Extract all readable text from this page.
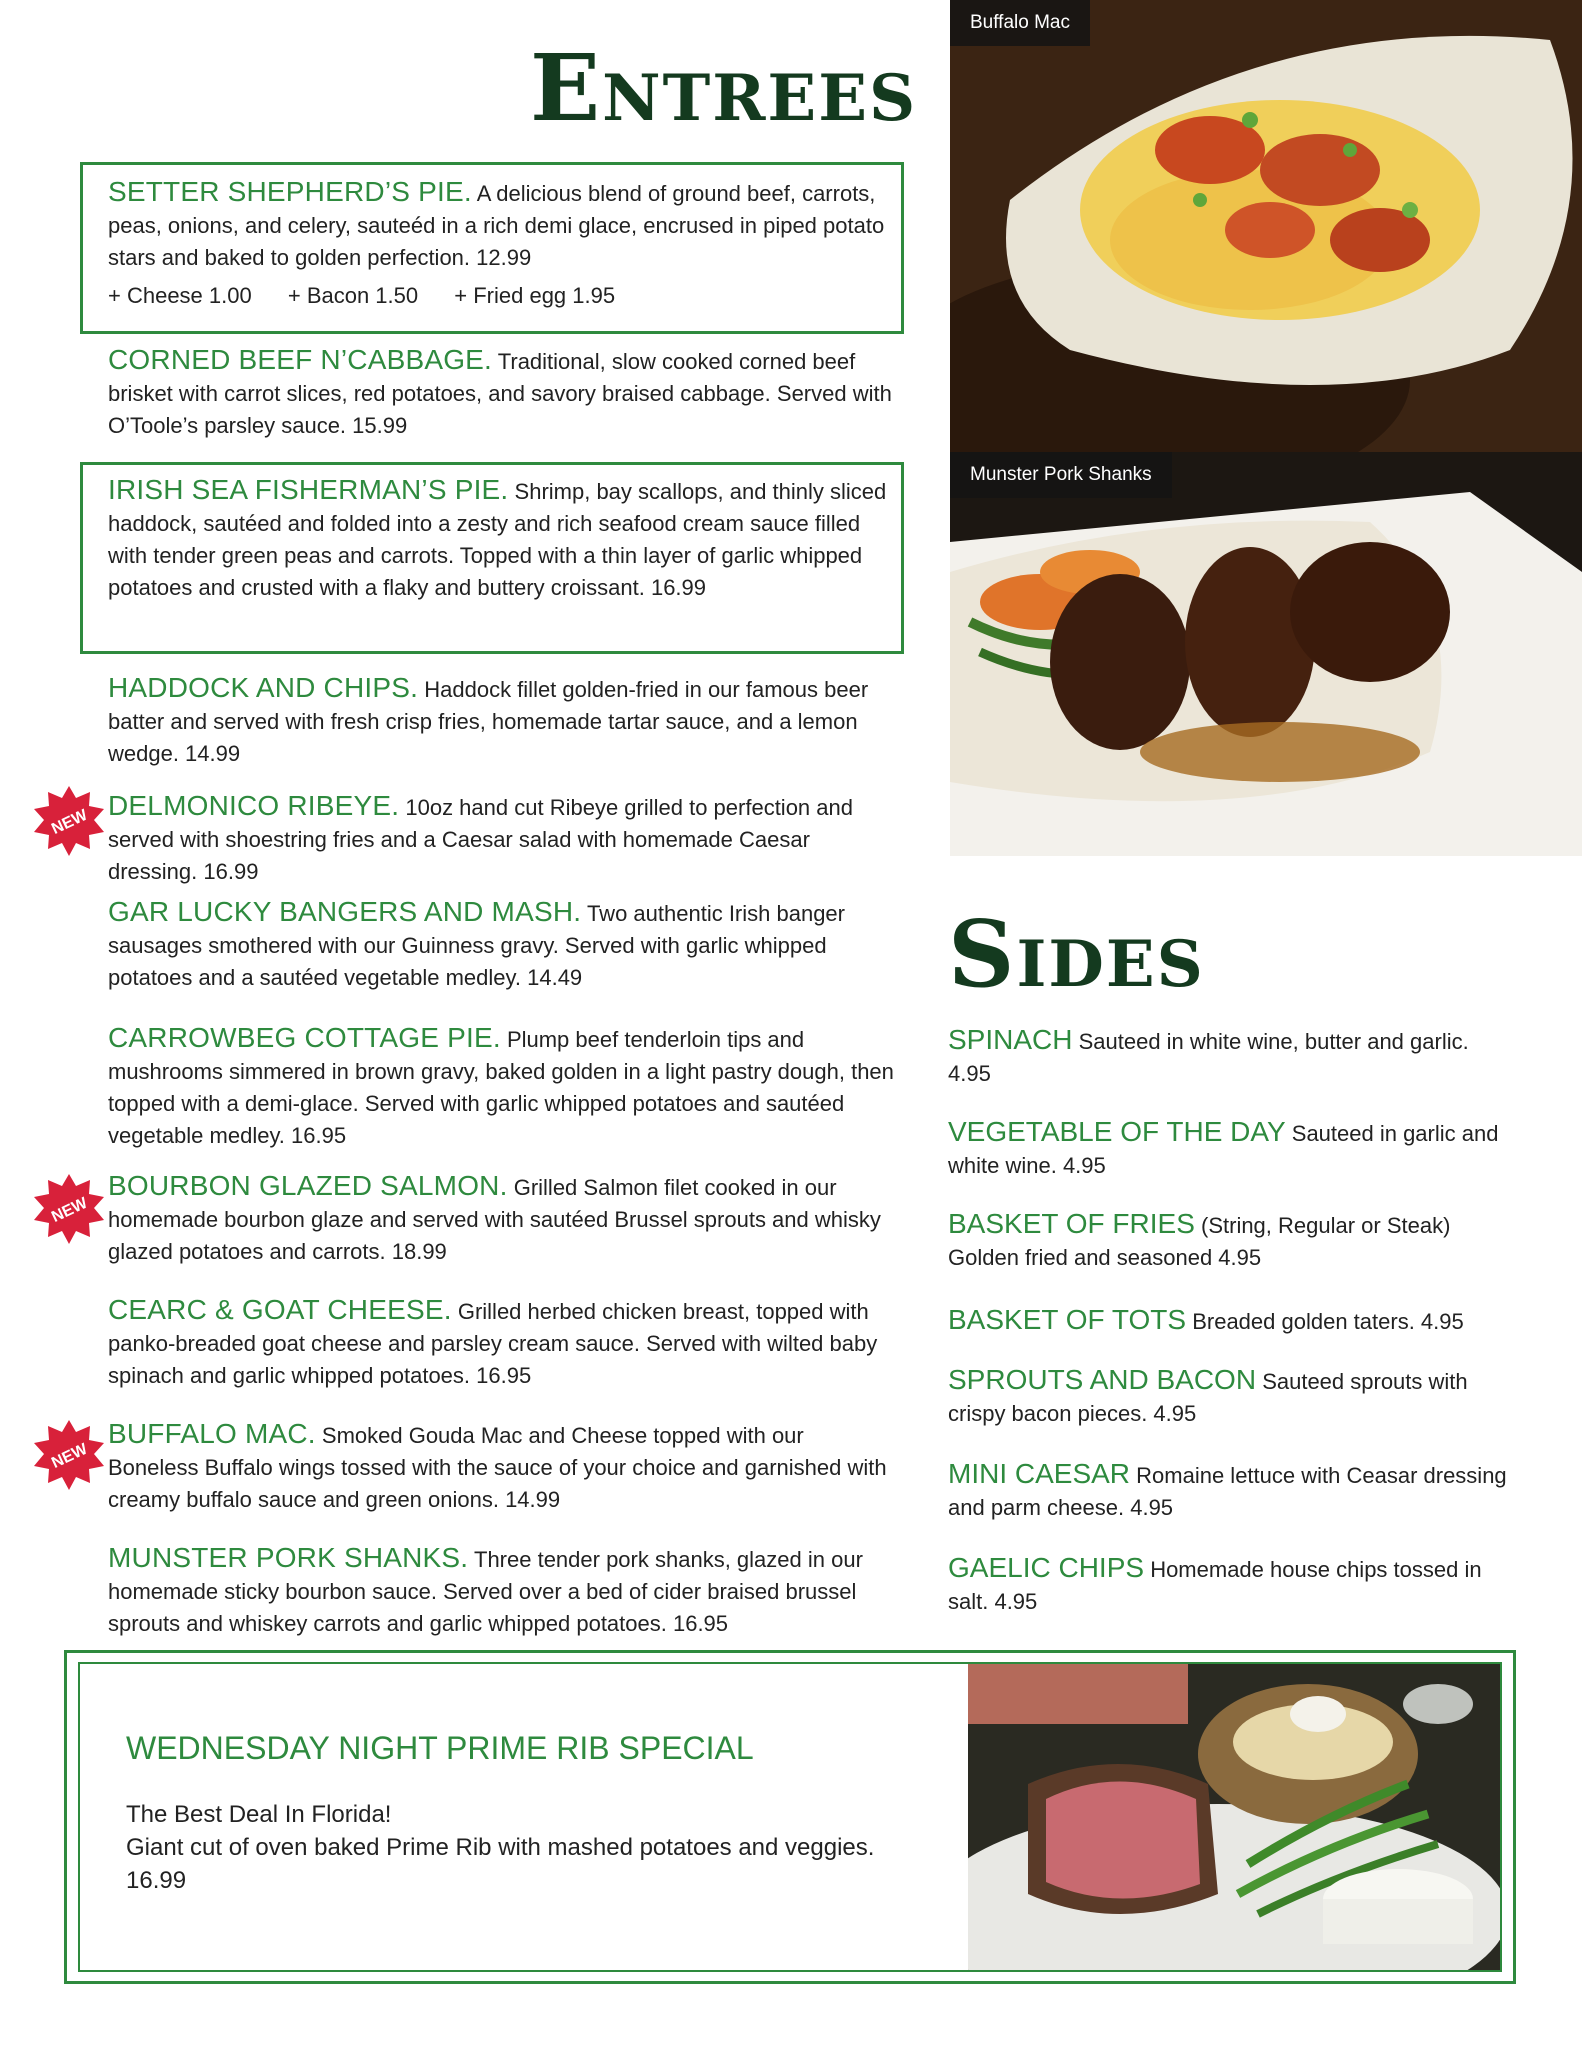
Entrees
SETTER SHEPHERD’S PIE. A delicious blend of ground beef, carrots, peas, onions, and celery, sauteéd in a rich demi glace, encrused in piped potato stars and baked to golden perfection. 12.99
+ Cheese 1.00 + Bacon 1.50 + Fried egg 1.95
CORNED BEEF N’CABBAGE. Traditional, slow cooked corned beef brisket with carrot slices, red potatoes, and savory braised cabbage. Served with O’Toole’s parsley sauce. 15.99
IRISH SEA FISHERMAN’S PIE. Shrimp, bay scallops, and thinly sliced haddock, sautéed and folded into a zesty and rich seafood cream sauce filled with tender green peas and carrots. Topped with a thin layer of garlic whipped potatoes and crusted with a flaky and buttery croissant. 16.99
HADDOCK AND CHIPS. Haddock fillet golden-fried in our famous beer batter and served with fresh crisp fries, homemade tartar sauce, and a lemon wedge. 14.99
NEW
DELMONICO RIBEYE. 10oz hand cut Ribeye grilled to perfection and served with shoestring fries and a Caesar salad with homemade Caesar dressing. 16.99
GAR LUCKY BANGERS AND MASH. Two authentic Irish banger sausages smothered with our Guinness gravy. Served with garlic whipped potatoes and a sautéed vegetable medley. 14.49
CARROWBEG COTTAGE PIE. Plump beef tenderloin tips and mushrooms simmered in brown gravy, baked golden in a light pastry dough, then topped with a demi-glace. Served with garlic whipped potatoes and sautéed vegetable medley. 16.95
NEW
BOURBON GLAZED SALMON. Grilled Salmon filet cooked in our homemade bourbon glaze and served with sautéed Brussel sprouts and whisky glazed potatoes and carrots. 18.99
CEARC & GOAT CHEESE. Grilled herbed chicken breast, topped with panko-breaded goat cheese and parsley cream sauce. Served with wilted baby spinach and garlic whipped potatoes. 16.95
NEW
BUFFALO MAC. Smoked Gouda Mac and Cheese topped with our Boneless Buffalo wings tossed with the sauce of your choice and garnished with creamy buffalo sauce and green onions. 14.99
MUNSTER PORK SHANKS. Three tender pork shanks, glazed in our homemade sticky bourbon sauce. Served over a bed of cider braised brussel sprouts and whiskey carrots and garlic whipped potatoes. 16.95
Buffalo Mac
Munster Pork Shanks
Sides
SPINACH Sauteed in white wine, butter and garlic. 4.95
VEGETABLE OF THE DAY Sauteed in garlic and white wine. 4.95
BASKET OF FRIES (String, Regular or Steak) Golden fried and seasoned 4.95
BASKET OF TOTS Breaded golden taters. 4.95
SPROUTS AND BACON Sauteed sprouts with crispy bacon pieces. 4.95
MINI CAESAR Romaine lettuce with Ceasar dressing and parm cheese. 4.95
GAELIC CHIPS Homemade house chips tossed in salt. 4.95
WEDNESDAY NIGHT PRIME RIB SPECIAL
The Best Deal In Florida!
Giant cut of oven baked Prime Rib with mashed potatoes and veggies. 16.99
